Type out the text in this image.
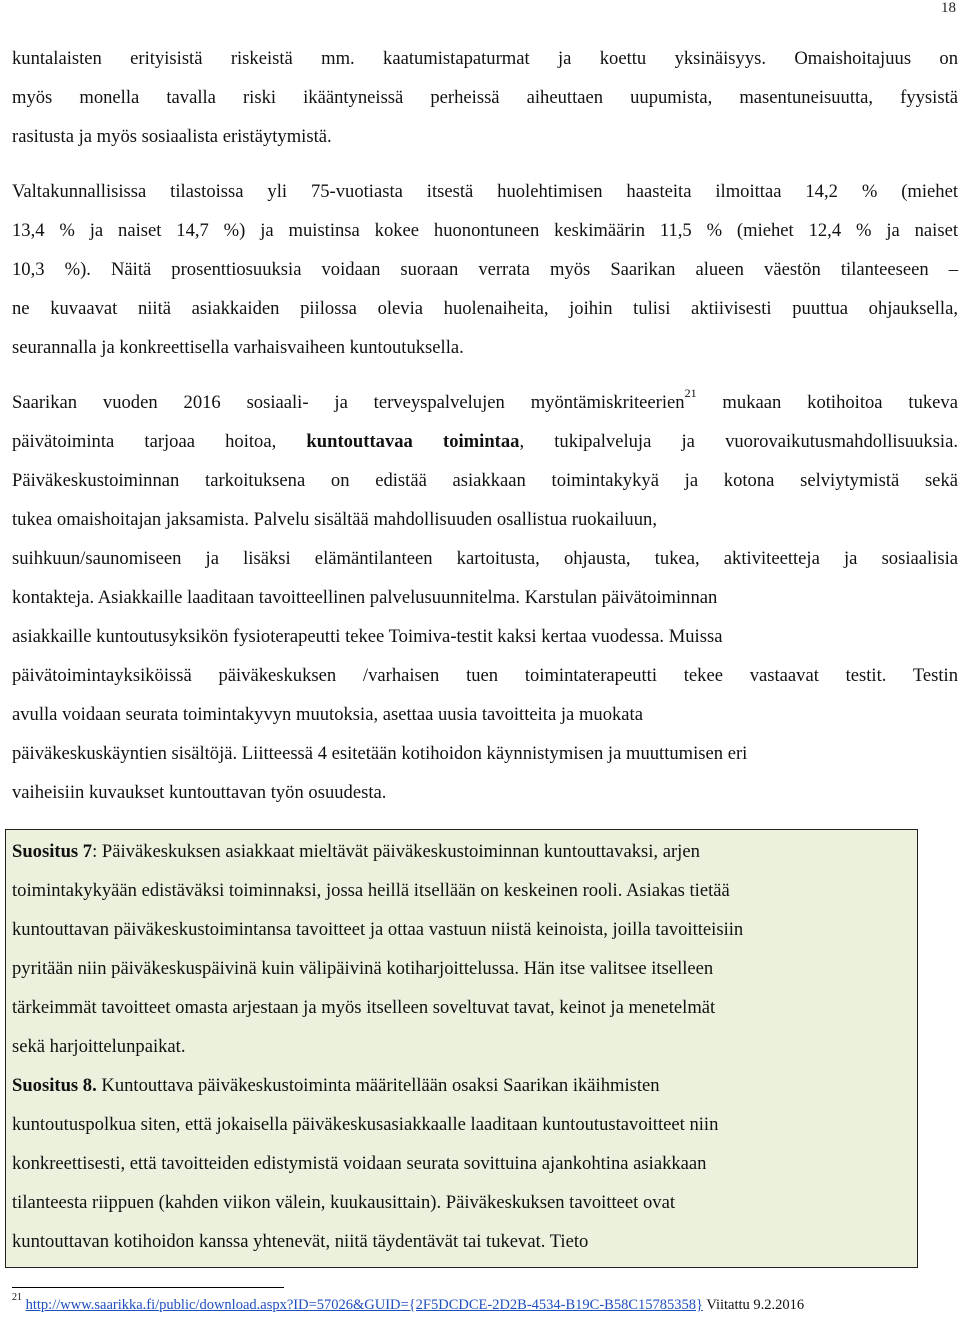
18
kuntalaisten erityisistä riskeistä mm. kaatumistapaturmat ja koettu yksinäisyys. Omaishoitajuus on
myös monella tavalla riski ikääntyneissä perheissä aiheuttaen uupumista, masentuneisuutta, fyysistä
rasitusta ja myös sosiaalista eristäytymistä.
Valtakunnallisissa tilastoissa yli 75-vuotiasta itsestä huolehtimisen haasteita ilmoittaa 14,2 % (miehet
13,4 % ja naiset 14,7 %) ja muistinsa kokee huonontuneen keskimäärin 11,5 % (miehet 12,4 % ja naiset
10,3 %). Näitä prosenttiosuuksia voidaan suoraan verrata myös Saarikan alueen väestön tilanteeseen –
ne kuvaavat niitä asiakkaiden piilossa olevia huolenaiheita, joihin tulisi aktiivisesti puuttua ohjauksella,
seurannalla ja konkreettisella varhaisvaiheen kuntoutuksella.
Saarikan vuoden 2016 sosiaali- ja terveyspalvelujen myöntämiskriteerien$^{21}$ mukaan kotihoitoa tukeva
päivätoiminta tarjoaa hoitoa, kuntouttavaa toimintaa, tukipalveluja ja vuorovaikutusmahdollisuuksia.
Päiväkeskustoiminnan tarkoituksena on edistää asiakkaan toimintakykyä ja kotona selviytymistä sekä
tukea omaishoitajan jaksamista. Palvelu sisältää mahdollisuuden osallistua ruokailuun,
suihkuun/saunomiseen ja lisäksi elämäntilanteen kartoitusta, ohjausta, tukea, aktiviteetteja ja sosiaalisia
kontakteja. Asiakkaille laaditaan tavoitteellinen palvelusuunnitelma. Karstulan päivätoiminnan
asiakkaille kuntoutusyksikön fysioterapeutti tekee Toimiva-testit kaksi kertaa vuodessa. Muissa
päivätoimintayksiköissä päiväkeskuksen /varhaisen tuen toimintaterapeutti tekee vastaavat testit. Testin
avulla voidaan seurata toimintakyvyn muutoksia, asettaa uusia tavoitteita ja muokata
päiväkeskuskäyntien sisältöjä. Liitteessä 4 esitetään kotihoidon käynnistymisen ja muuttumisen eri
vaiheisiin kuvaukset kuntouttavan työn osuudesta.
Suositus 7: Päiväkeskuksen asiakkaat mieltävät päiväkeskustoiminnan kuntouttavaksi, arjen
toimintakykyään edistäväksi toiminnaksi, jossa heillä itsellään on keskeinen rooli. Asiakas tietää
kuntouttavan päiväkeskustoimintansa tavoitteet ja ottaa vastuun niistä keinoista, joilla tavoitteisiin
pyritään niin päiväkeskuspäivinä kuin välipäivinä kotiharjoittelussa. Hän itse valitsee itselleen
tärkeimmät tavoitteet omasta arjestaan ja myös itselleen soveltuvat tavat, keinot ja menetelmät
sekä harjoittelunpaikat.
Suositus 8. Kuntouttava päiväkeskustoiminta määritellään osaksi Saarikan ikäihmisten
kuntoutuspolkua siten, että jokaisella päiväkeskusasiakkaalle laaditaan kuntoutustavoitteet niin
konkreettisesti, että tavoitteiden edistymistä voidaan seurata sovittuina ajankohtina asiakkaan
tilanteesta riippuen (kahden viikon välein, kuukausittain). Päiväkeskuksen tavoitteet ovat
kuntouttavan kotihoidon kanssa yhtenevät, niitä täydentävät tai tukevat. Tieto
$^{21}$ http://www.saarikka.fi/public/download.aspx?ID=57026&GUID={2F5DCDCE-2D2B-4534-B19C-B58C15785358} Viitattu 9.2.2016
